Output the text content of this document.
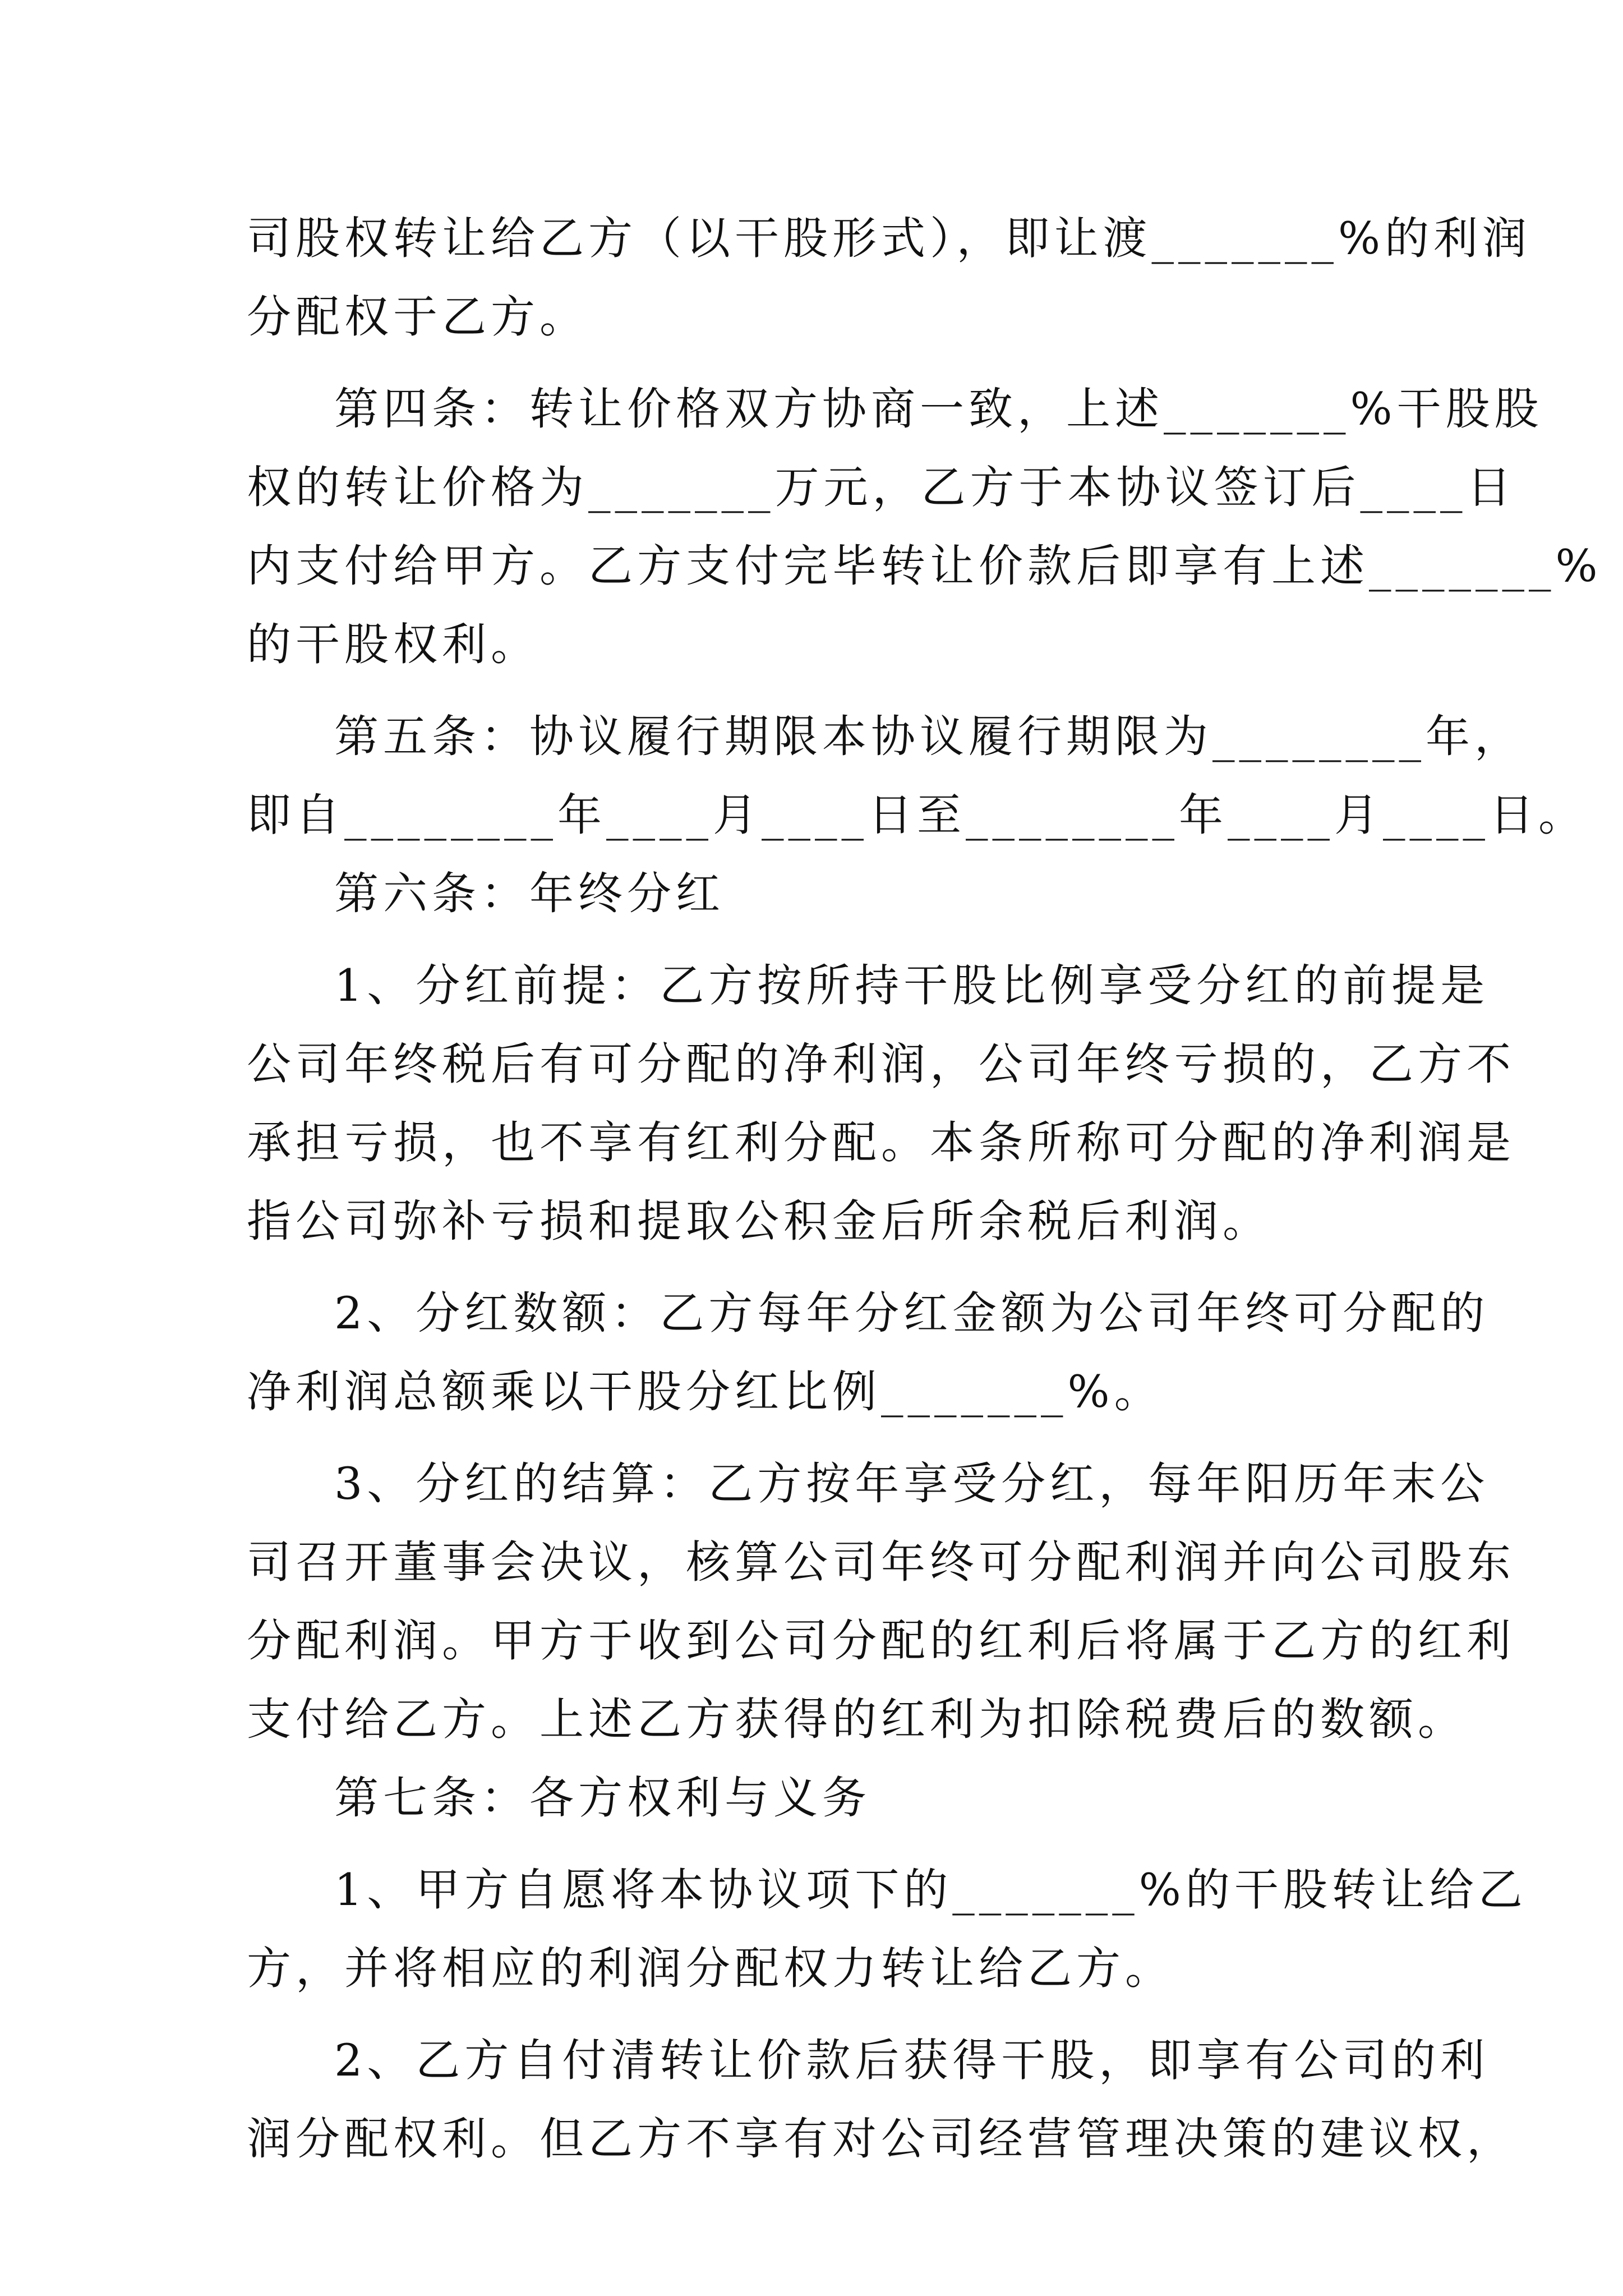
司股权转让给乙方（以干股形式），即让渡_______%的利润
分配权于乙方。
第四条：转让价格双方协商一致，上述_______%干股股
权的转让价格为_______万元，乙方于本协议签订后____日
内支付给甲方。乙方支付完毕转让价款后即享有上述_______%
的干股权利。
第五条：协议履行期限本协议履行期限为________年，
即自________年____月____日至________年____月____日。
第六条：年终分红
1、分红前提：乙方按所持干股比例享受分红的前提是
公司年终税后有可分配的净利润，公司年终亏损的，乙方不
承担亏损，也不享有红利分配。本条所称可分配的净利润是
指公司弥补亏损和提取公积金后所余税后利润。
2、分红数额：乙方每年分红金额为公司年终可分配的
净利润总额乘以干股分红比例_______%。
3、分红的结算：乙方按年享受分红，每年阳历年末公
司召开董事会决议，核算公司年终可分配利润并向公司股东
分配利润。甲方于收到公司分配的红利后将属于乙方的红利
支付给乙方。上述乙方获得的红利为扣除税费后的数额。
第七条：各方权利与义务
1、甲方自愿将本协议项下的_______%的干股转让给乙
方，并将相应的利润分配权力转让给乙方。
2、乙方自付清转让价款后获得干股，即享有公司的利
润分配权利。但乙方不享有对公司经营管理决策的建议权，
